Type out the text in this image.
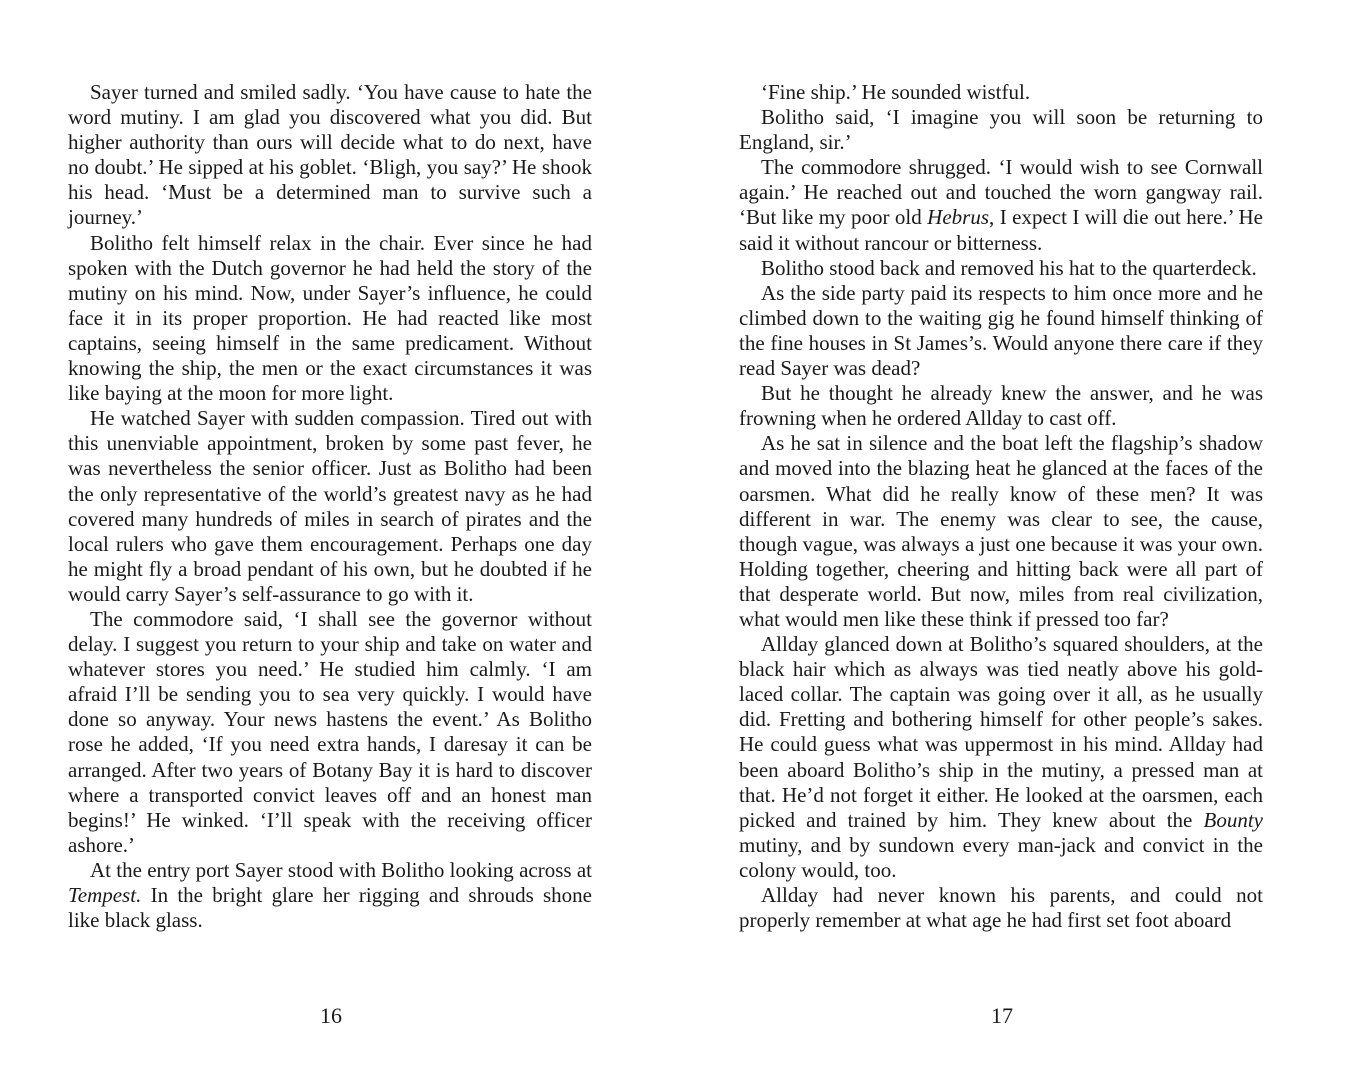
Sayer turned and smiled sadly. ‘You have cause to hate the word mutiny. I am glad you discovered what you did. But higher authority than ours will decide what to do next, have no doubt.’ He sipped at his goblet. ‘Bligh, you say?’ He shook his head. ‘Must be a determined man to survive such a journey.’

Bolitho felt himself relax in the chair. Ever since he had spoken with the Dutch governor he had held the story of the mutiny on his mind. Now, under Sayer’s influence, he could face it in its proper proportion. He had reacted like most captains, seeing himself in the same predicament. Without knowing the ship, the men or the exact circumstances it was like baying at the moon for more light.

He watched Sayer with sudden compassion. Tired out with this unenviable appointment, broken by some past fever, he was nevertheless the senior officer. Just as Bolitho had been the only representative of the world’s greatest navy as he had covered many hundreds of miles in search of pirates and the local rulers who gave them encouragement. Perhaps one day he might fly a broad pendant of his own, but he doubted if he would carry Sayer’s self-assurance to go with it.

The commodore said, ‘I shall see the governor without delay. I suggest you return to your ship and take on water and whatever stores you need.’ He studied him calmly. ‘I am afraid I’ll be sending you to sea very quickly. I would have done so anyway. Your news hastens the event.’ As Bolitho rose he added, ‘If you need extra hands, I daresay it can be arranged. After two years of Botany Bay it is hard to discover where a transported convict leaves off and an honest man begins!’ He winked. ‘I’ll speak with the receiving officer ashore.’

At the entry port Sayer stood with Bolitho looking across at Tempest. In the bright glare her rigging and shrouds shone like black glass.

16

‘Fine ship.’ He sounded wistful.

Bolitho said, ‘I imagine you will soon be returning to England, sir.’

The commodore shrugged. ‘I would wish to see Cornwall again.’ He reached out and touched the worn gangway rail. ‘But like my poor old Hebrus, I expect I will die out here.’ He said it without rancour or bitterness.

Bolitho stood back and removed his hat to the quarterdeck.

As the side party paid its respects to him once more and he climbed down to the waiting gig he found himself thinking of the fine houses in St James’s. Would anyone there care if they read Sayer was dead?

But he thought he already knew the answer, and he was frowning when he ordered Allday to cast off.

As he sat in silence and the boat left the flagship’s shadow and moved into the blazing heat he glanced at the faces of the oarsmen. What did he really know of these men? It was different in war. The enemy was clear to see, the cause, though vague, was always a just one because it was your own. Holding together, cheering and hitting back were all part of that desperate world. But now, miles from real civilization, what would men like these think if pressed too far?

Allday glanced down at Bolitho’s squared shoulders, at the black hair which as always was tied neatly above his gold-laced collar. The captain was going over it all, as he usually did. Fretting and bothering himself for other people’s sakes. He could guess what was uppermost in his mind. Allday had been aboard Bolitho’s ship in the mutiny, a pressed man at that. He’d not forget it either. He looked at the oarsmen, each picked and trained by him. They knew about the Bounty mutiny, and by sundown every man-jack and convict in the colony would, too.

Allday had never known his parents, and could not properly remember at what age he had first set foot aboard

17
